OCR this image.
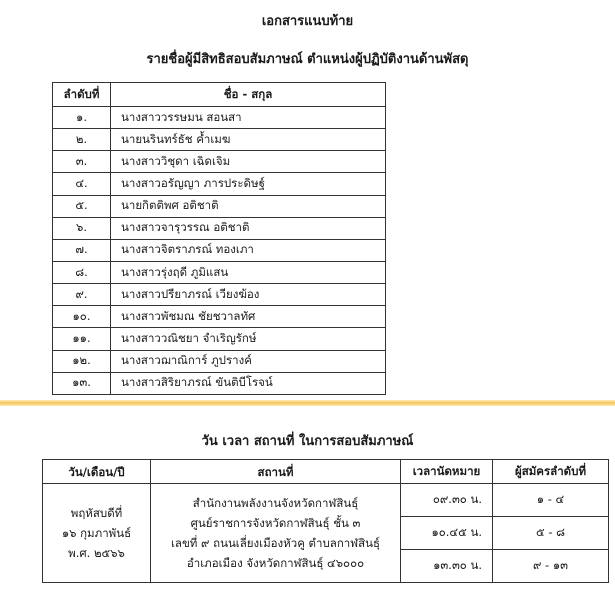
เอกสารแนบท้าย
รายชื่อผู้มีสิทธิสอบสัมภาษณ์ ตำแหน่งผู้ปฏิบัติงานด้านพัสดุ
ลำดับที่	ชื่อ - สกุล
๑.	นางสาววรรษมน สอนสา
๒.	นายนรินทร์ธัช ค้ำเมฆ
๓.	นางสาววิชุดา เฉิดเจิม
๔.	นางสาวอรัญญา ภารประดิษฐ์
๕.	นายกิตติพศ อติชาติ
๖.	นางสาวจารุวรรณ อติชาติ
๗.	นางสาวจิตราภรณ์ ทองเภา
๘.	นางสาวรุ่งฤดี ภูมิแสน
๙.	นางสาวปรียาภรณ์ เวียงฆ้อง
๑๐.	นางสาวพัชมณ ชัยชวาลทัศ
๑๑.	นางสาววณิชยา จำเริญรักษ์
๑๒.	นางสาวฌาณิการ์ ภูปรางค์
๑๓.	นางสาวสิริยาภรณ์ ขันติบีโรจน์
วัน เวลา สถานที่ ในการสอบสัมภาษณ์
วัน/เดือน/ปี	สถานที่	เวลานัดหมาย	ผู้สมัครลำดับที่

พฤหัสบดีที่
๑๖ กุมภาพันธ์
พ.ศ. ๒๕๖๖	สำนักงานพลังงานจังหวัดกาฬสินธุ์
ศูนย์ราชการจังหวัดกาฬสินธุ์ ชั้น ๓
เลขที่ ๙ ถนนเลี่ยงเมืองหัวคู ตำบลกาฬสินธุ์
อำเภอเมือง จังหวัดกาฬสินธุ์ ๔๖๐๐๐	๐๙.๓๐ น.	๑ - ๔
		๑๐.๔๕ น.	๕ - ๘
		๑๓.๓๐ น.	๙ - ๑๓
